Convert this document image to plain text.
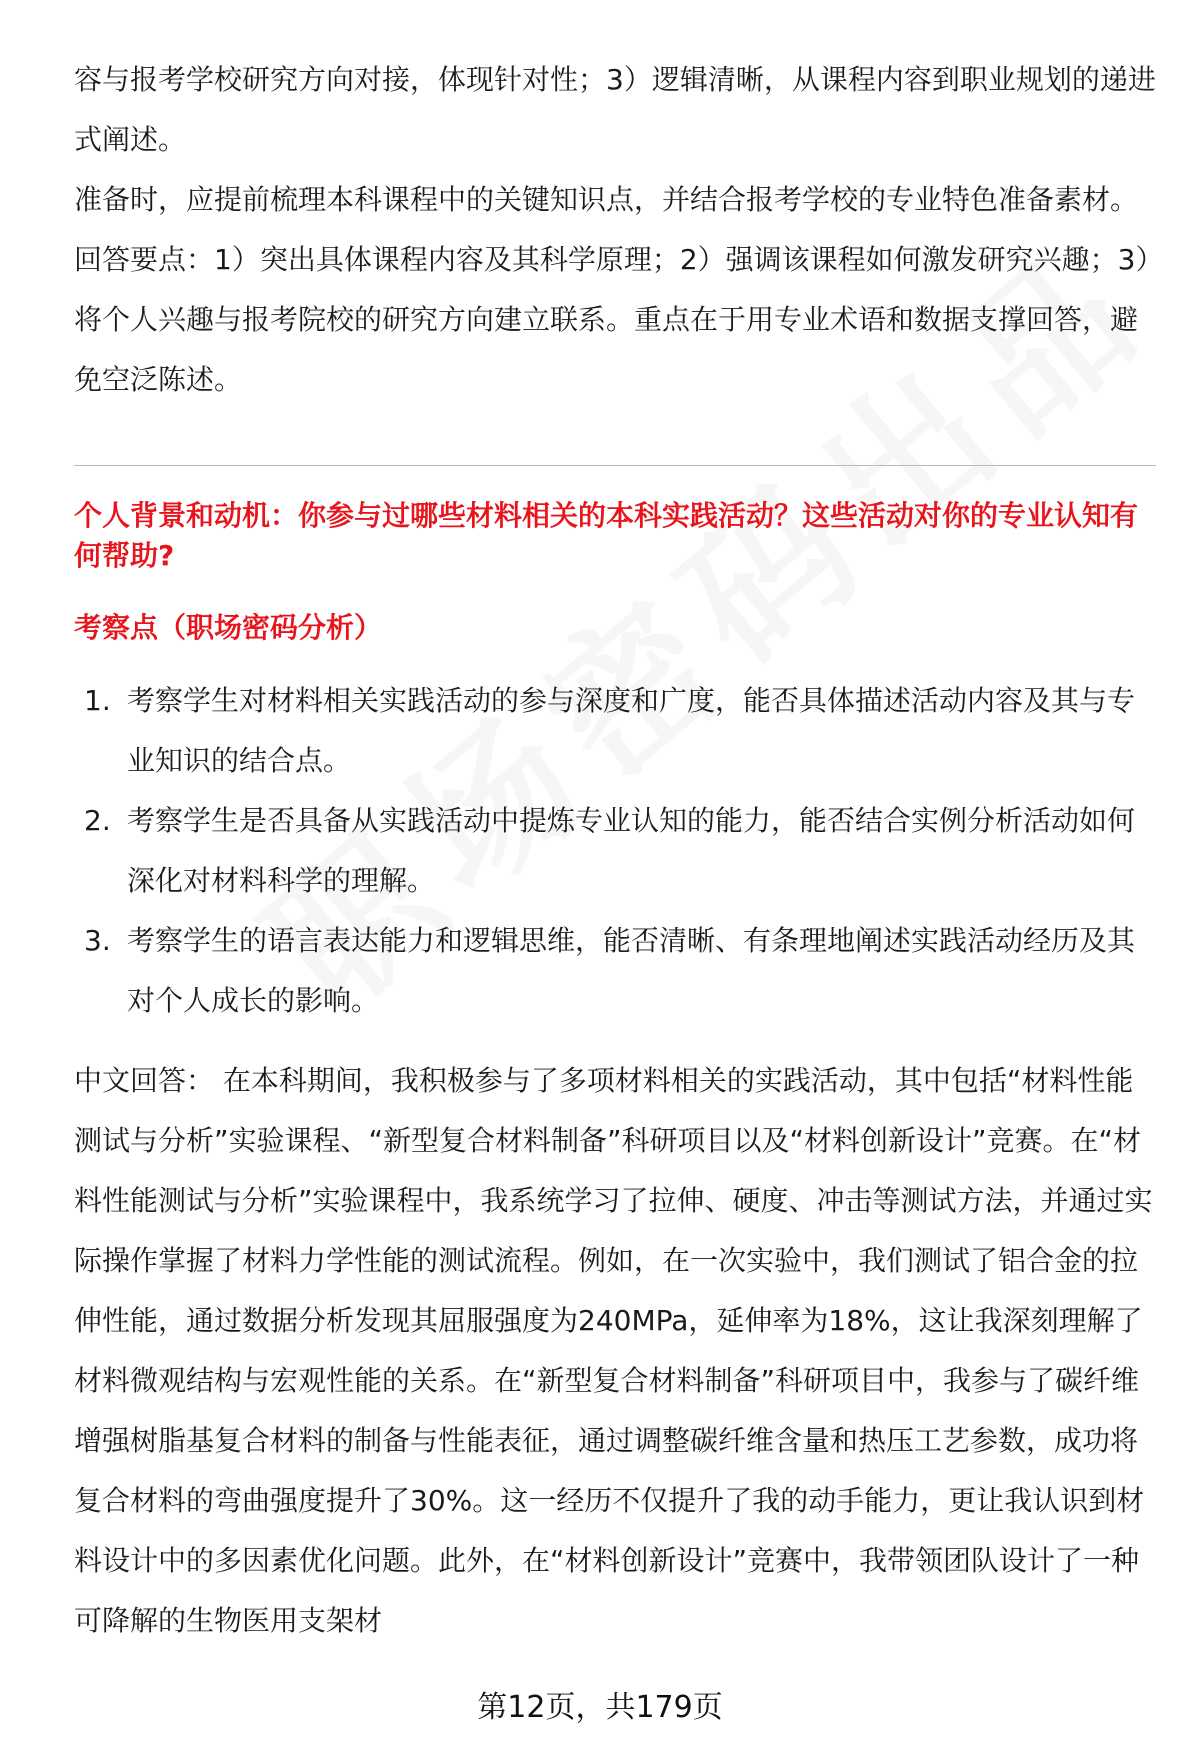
容与报考学校研究方向对接，体现针对性；3）逻辑清晰，从课程内容到职业规划的递进式阐述。

准备时，应提前梳理本科课程中的关键知识点，并结合报考学校的专业特色准备素材。回答要点：1）突出具体课程内容及其科学原理；2）强调该课程如何激发研究兴趣；3）将个人兴趣与报考院校的研究方向建立联系。重点在于用专业术语和数据支撑回答，避免空泛陈述。

个人背景和动机：你参与过哪些材料相关的本科实践活动？这些活动对你的专业认知有何帮助?

考察点（职场密码分析）

1. 考察学生对材料相关实践活动的参与深度和广度，能否具体描述活动内容及其与专业知识的结合点。
2. 考察学生是否具备从实践活动中提炼专业认知的能力，能否结合实例分析活动如何深化对材料科学的理解。
3. 考察学生的语言表达能力和逻辑思维，能否清晰、有条理地阐述实践活动经历及其对个人成长的影响。

中文回答： 在本科期间，我积极参与了多项材料相关的实践活动，其中包括“材料性能测试与分析”实验课程、“新型复合材料制备”科研项目以及“材料创新设计”竞赛。在“材料性能测试与分析”实验课程中，我系统学习了拉伸、硬度、冲击等测试方法，并通过实际操作掌握了材料力学性能的测试流程。例如，在一次实验中，我们测试了铝合金的拉伸性能，通过数据分析发现其屈服强度为240MPa，延伸率为18%，这让我深刻理解了材料微观结构与宏观性能的关系。在“新型复合材料制备”科研项目中，我参与了碳纤维增强树脂基复合材料的制备与性能表征，通过调整碳纤维含量和热压工艺参数，成功将复合材料的弯曲强度提升了30%。这一经历不仅提升了我的动手能力，更让我认识到材料设计中的多因素优化问题。此外，在“材料创新设计”竞赛中，我带领团队设计了一种可降解的生物医用支架材

第12页，共179页
